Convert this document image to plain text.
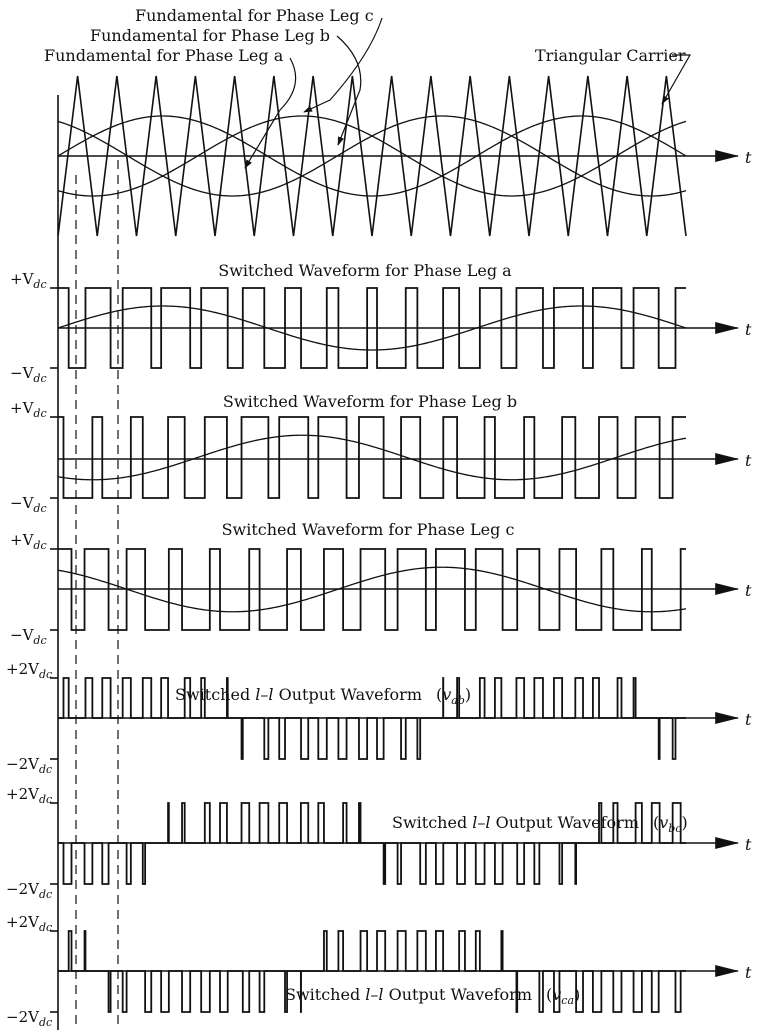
t
Fundamental for Phase Leg c
Fundamental for Phase Leg b
Fundamental for Phase Leg a	Triangular Carrier
t
$+V_{dc}$
$-V_{dc}$
Switched Waveform for Phase Leg a
t
$+V_{dc}$
$-V_{dc}$
Switched Waveform for Phase Leg b
t
$+V_{dc}$
$-V_{dc}$
Switched Waveform for Phase Leg c
t
$+2V_{dc}$
$-2V_{dc}$
Switched l–l Output Waveform $(v_{ab})$
t
$+2V_{dc}$
$-2V_{dc}$
Switched l–l Output Waveform $(v_{bc})$
t
$+2V_{dc}$
$-2V_{dc}$
Switched l–l Output Waveform $(v_{ca})$
